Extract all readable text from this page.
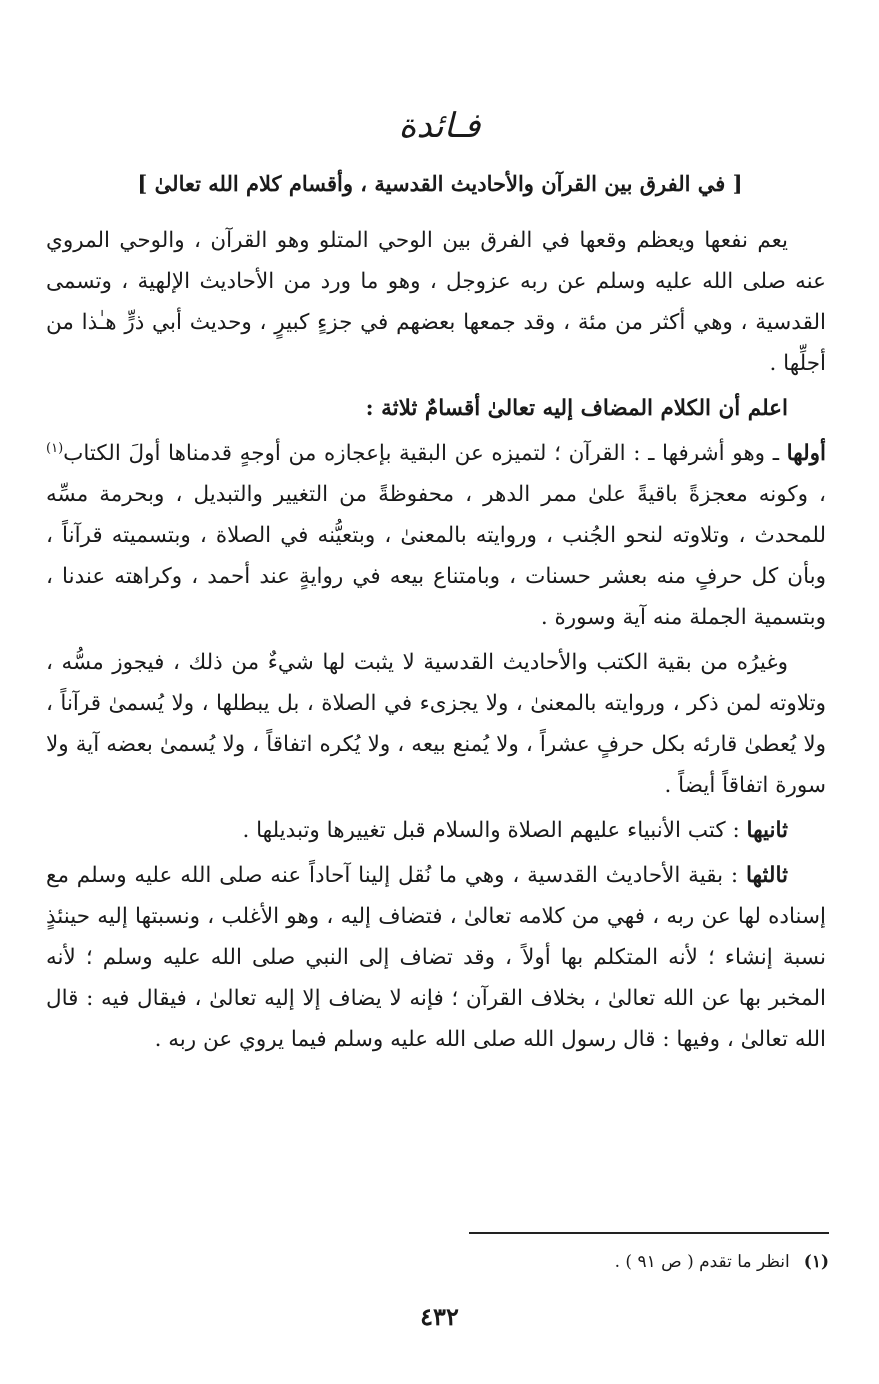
فـائدة
[ في الفرق بين القرآن والأحاديث القدسية ، وأقسام كلام الله تعالىٰ ]

يعم نفعها ويعظم وقعها في الفرق بين الوحي المتلو وهو القرآن ، والوحي المروي عنه صلى الله عليه وسلم عن ربه عزوجل ، وهو ما ورد من الأحاديث الإلهية ، وتسمى القدسية ، وهي أكثر من مئة ، وقد جمعها بعضهم في جزءٍ كبيرٍ ، وحديث أبي ذرٍّ هـٰذا من أجلِّها .

اعلم أن الكلام المضاف إليه تعالىٰ أقسامٌ ثلاثة :

أولها ـ وهو أشرفها ـ : القرآن ؛ لتميزه عن البقية بإعجازه من أوجهٍ قدمناها أولَ الكتاب$^{(١)}$ ، وكونه معجزةً باقيةً علىٰ ممر الدهر ، محفوظةً من التغيير والتبديل ، وبحرمة مسِّه للمحدث ، وتلاوته لنحو الجُنب ، وروايته بالمعنىٰ ، وبتعيُّنه في الصلاة ، وبتسميته قرآناً ، وبأن كل حرفٍ منه بعشر حسنات ، وبامتناع بيعه في روايةٍ عند أحمد ، وكراهته عندنا ، وبتسمية الجملة منه آية وسورة .

وغيرُه من بقية الكتب والأحاديث القدسية لا يثبت لها شيءٌ من ذلك ، فيجوز مسُّه ، وتلاوته لمن ذكر ، وروايته بالمعنىٰ ، ولا يجزىء في الصلاة ، بل يبطلها ، ولا يُسمىٰ قرآناً ، ولا يُعطىٰ قارئه بكل حرفٍ عشراً ، ولا يُمنع بيعه ، ولا يُكره اتفاقاً ، ولا يُسمىٰ بعضه آية ولا سورة اتفاقاً أيضاً .

ثانيها : كتب الأنبياء عليهم الصلاة والسلام قبل تغييرها وتبديلها .

ثالثها : بقية الأحاديث القدسية ، وهي ما نُقل إلينا آحاداً عنه صلى الله عليه وسلم مع إسناده لها عن ربه ، فهي من كلامه تعالىٰ ، فتضاف إليه ، وهو الأغلب ، ونسبتها إليه حينئذٍ نسبة إنشاء ؛ لأنه المتكلم بها أولاً ، وقد تضاف إلى النبي صلى الله عليه وسلم ؛ لأنه المخبر بها عن الله تعالىٰ ، بخلاف القرآن ؛ فإنه لا يضاف إلا إليه تعالىٰ ، فيقال فيه : قال الله تعالىٰ ، وفيها : قال رسول الله صلى الله عليه وسلم فيما يروي عن ربه .

(١)انظر ما تقدم ( ص ٩١ ) .
٤٣٢
